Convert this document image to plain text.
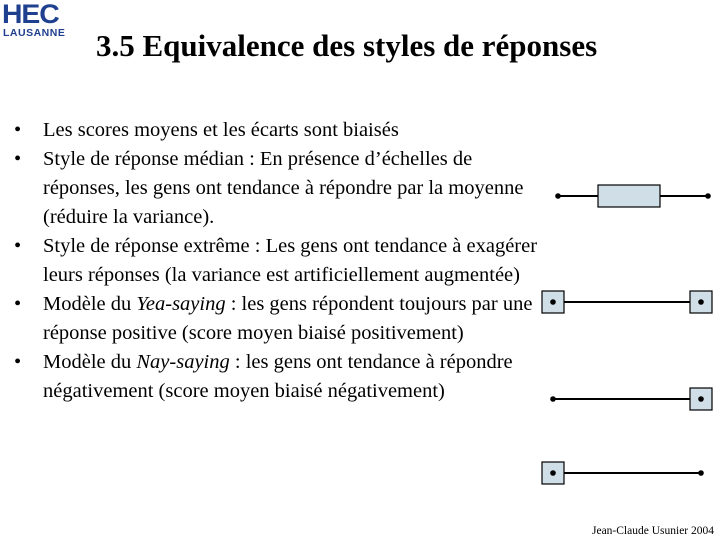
HEC
LAUSANNE 3.5 Equivalence des styles de réponses
• Les scores moyens et les écarts sont biaisés
• Style de réponse médian : En présence d’échelles de réponses, les gens ont tendance à répondre par la moyenne (réduire la variance).
• Style de réponse extrême : Les gens ont tendance à exagérer leurs réponses (la variance est artificiellement augmentée)
• Modèle du Yea-saying : les gens répondent toujours par une réponse positive (score moyen biaisé positivement)
• Modèle du Nay-saying : les gens ont tendance à répondre négativement (score moyen biaisé négativement)
Jean-Claude Usunier 2004
